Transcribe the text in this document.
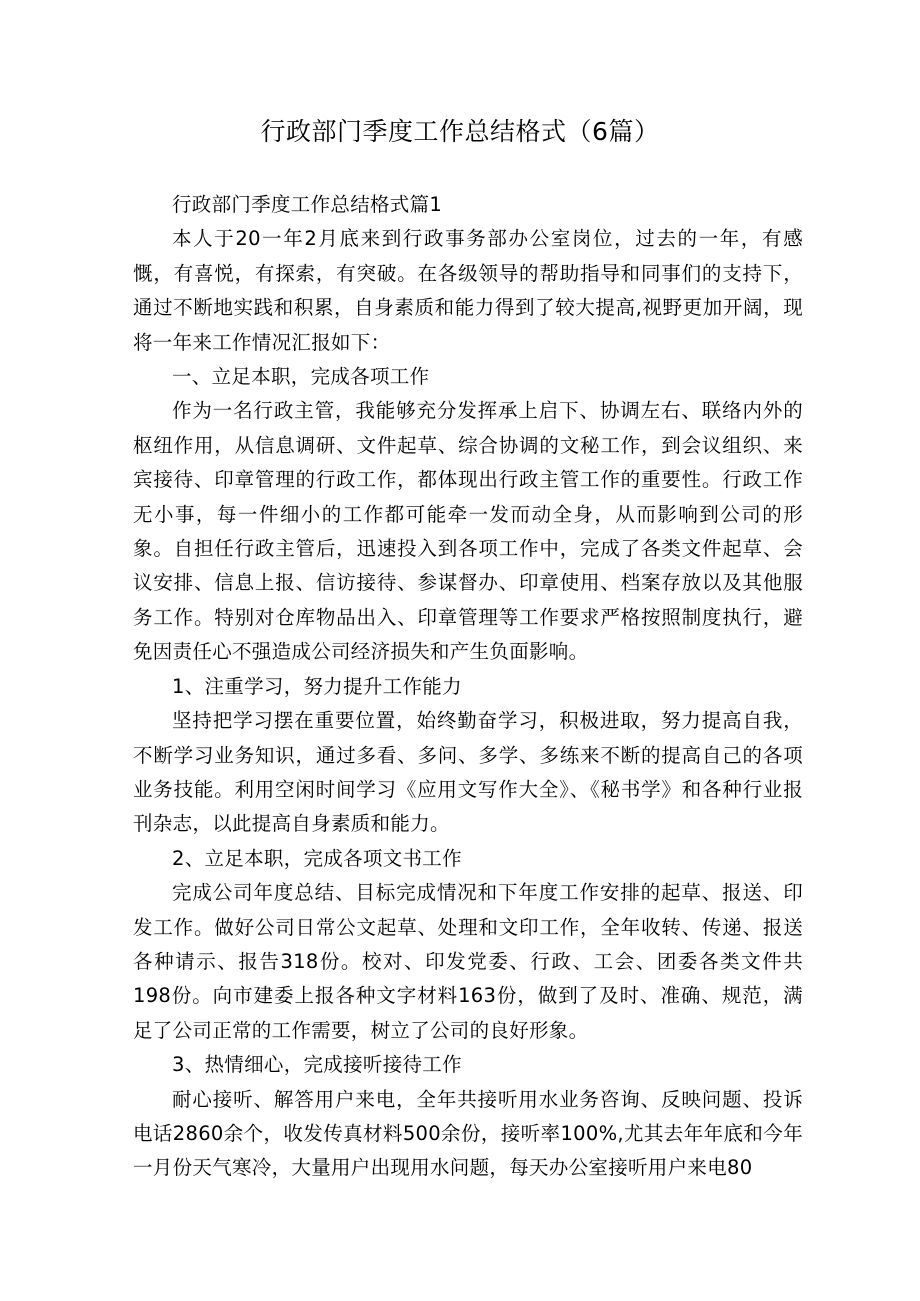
行政部门季度工作总结格式（6篇）

行政部门季度工作总结格式篇1

本人于20一年2月底来到行政事务部办公室岗位，过去的一年，有感慨，有喜悦，有探索，有突破。在各级领导的帮助指导和同事们的支持下，通过不断地实践和积累，自身素质和能力得到了较大提高,视野更加开阔，现将一年来工作情况汇报如下：

一、立足本职，完成各项工作

作为一名行政主管，我能够充分发挥承上启下、协调左右、联络内外的枢纽作用，从信息调研、文件起草、综合协调的文秘工作，到会议组织、来宾接待、印章管理的行政工作，都体现出行政主管工作的重要性。行政工作无小事，每一件细小的工作都可能牵一发而动全身，从而影响到公司的形象。自担任行政主管后，迅速投入到各项工作中，完成了各类文件起草、会议安排、信息上报、信访接待、参谋督办、印章使用、档案存放以及其他服务工作。特别对仓库物品出入、印章管理等工作要求严格按照制度执行，避免因责任心不强造成公司经济损失和产生负面影响。

1、注重学习，努力提升工作能力

坚持把学习摆在重要位置，始终勤奋学习，积极进取，努力提高自我，不断学习业务知识，通过多看、多问、多学、多练来不断的提高自己的各项业务技能。利用空闲时间学习《应用文写作大全》、《秘书学》和各种行业报刊杂志，以此提高自身素质和能力。

2、立足本职，完成各项文书工作

完成公司年度总结、目标完成情况和下年度工作安排的起草、报送、印发工作。做好公司日常公文起草、处理和文印工作，全年收转、传递、报送各种请示、报告318份。校对、印发党委、行政、工会、团委各类文件共198份。向市建委上报各种文字材料163份，做到了及时、准确、规范，满足了公司正常的工作需要，树立了公司的良好形象。

3、热情细心，完成接听接待工作

耐心接听、解答用户来电，全年共接听用水业务咨询、反映问题、投诉电话2860余个，收发传真材料500余份，接听率100%,尤其去年年底和今年一月份天气寒冷，大量用户出现用水问题，每天办公室接听用户来电80
